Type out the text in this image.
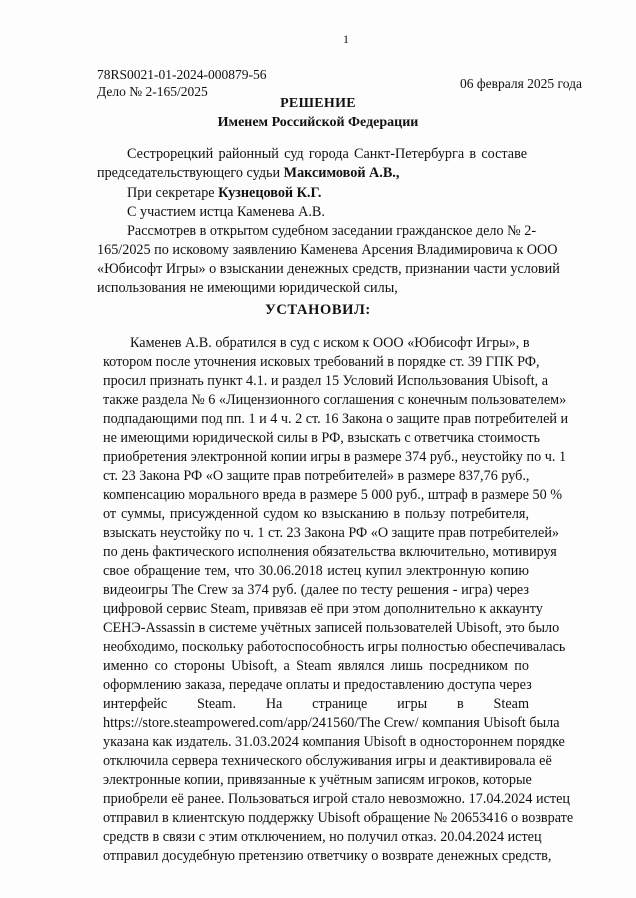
1
78RS0021-01-2024-000879-56
Дело № 2-165/2025
06 февраля 2025 года
РЕШЕНИЕ
Именем Российской Федерации
Сестрорецкий районный суд города Санкт-Петербурга в составе
председательствующего судьи Максимовой А.В.,
При секретаре Кузнецовой К.Г.
С участием истца Каменева А.В.
Рассмотрев в открытом судебном заседании гражданское дело № 2-
165/2025 по исковому заявлению Каменева Арсения Владимировича к ООО
«Юбисофт Игры» о взыскании денежных средств, признании части условий
использования не имеющими юридической силы,
УСТАНОВИЛ:
Каменев А.В. обратился в суд с иском к ООО «Юбисофт Игры», в
котором после уточнения исковых требований в порядке ст. 39 ГПК РФ,
просил признать пункт 4.1. и раздел 15 Условий Использования Ubisoft, а
также раздела № 6 «Лицензионного соглашения с конечным пользователем»
подпадающими под пп. 1 и 4 ч. 2 ст. 16 Закона о защите прав потребителей и
не имеющими юридической силы в РФ, взыскать с ответчика стоимость
приобретения электронной копии игры в размере 374 руб., неустойку по ч. 1
ст. 23 Закона РФ «О защите прав потребителей» в размере 837,76 руб.,
компенсацию морального вреда в размере 5 000 руб., штраф в размере 50 %
от суммы, присужденной судом ко взысканию в пользу потребителя,
взыскать неустойку по ч. 1 ст. 23 Закона РФ «О защите прав потребителей»
по день фактического исполнения обязательства включительно, мотивируя
свое обращение тем, что 30.06.2018 истец купил электронную копию
видеоигры The Crew за 374 руб. (далее по тесту решения - игра) через
цифровой сервис Steam, привязав её при этом дополнительно к аккаунту
СЕНЭ-Assassin в системе учётных записей пользователей Ubisoft, это было
необходимо, поскольку работоспособность игры полностью обеспечивалась
именно со стороны Ubisoft, а Steam являлся лишь посредником по
оформлению заказа, передаче оплаты и предоставлению доступа через
интерфейс Steam. На странице игры в Steam
https://store.steampowered.com/app/241560/The Crew/ компания Ubisoft была
указана как издатель. 31.03.2024 компания Ubisoft в одностороннем порядке
отключила сервера технического обслуживания игры и деактивировала её
электронные копии, привязанные к учётным записям игроков, которые
приобрели её ранее. Пользоваться игрой стало невозможно. 17.04.2024 истец
отправил в клиентскую поддержку Ubisoft обращение № 20653416 о возврате
средств в связи с этим отключением, но получил отказ. 20.04.2024 истец
отправил досудебную претензию ответчику о возврате денежных средств,
